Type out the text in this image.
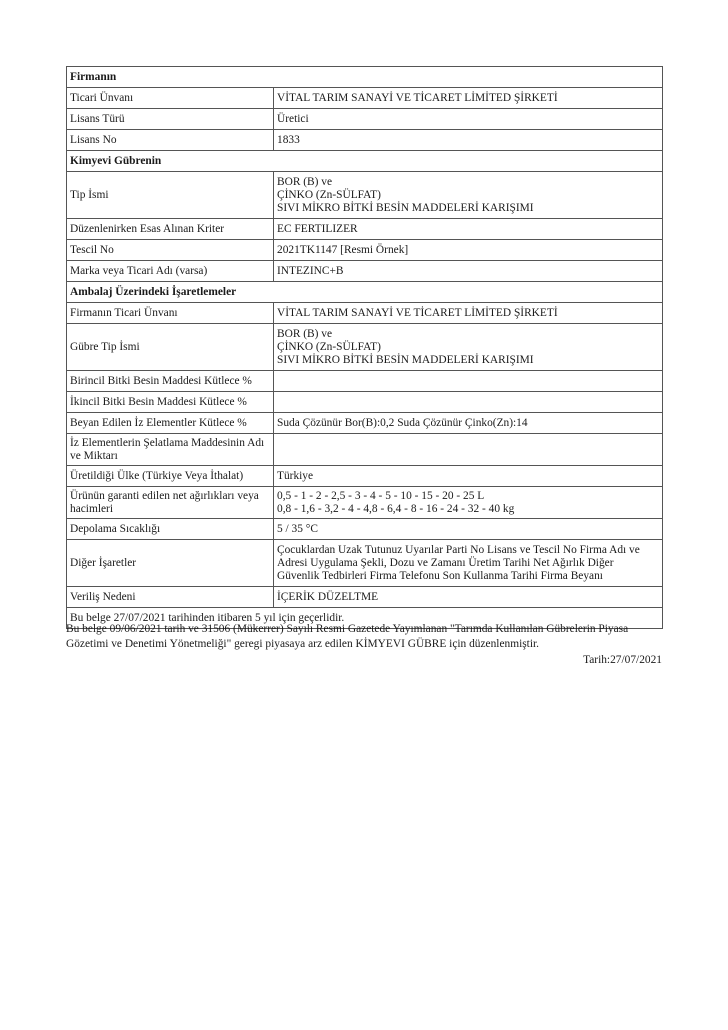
Firmanın	
Ticari Ünvanı	VİTAL TARIM SANAYİ VE TİCARET LİMİTED ŞİRKETİ
Lisans Türü	Üretici
Lisans No	1833
Kimyevi Gübrenin	
Tip İsmi	BOR (B) ve
ÇİNKO (Zn-SÜLFAT)
SIVI MİKRO BİTKİ BESİN MADDELERİ KARIŞIMI

Düzenlenirken Esas Alınan Kriter	EC FERTILIZER
Tescil No	2021TK1147 [Resmi Örnek]
Marka veya Ticari Adı (varsa)	INTEZINC+B
Ambalaj Üzerindeki İşaretlemeler	
Firmanın Ticari Ünvanı	VİTAL TARIM SANAYİ VE TİCARET LİMİTED ŞİRKETİ
Gübre Tip İsmi	BOR (B) ve
ÇİNKO (Zn-SÜLFAT)
SIVI MİKRO BİTKİ BESİN MADDELERİ KARIŞIMI

Birincil Bitki Besin Maddesi Kütlece %	
İkincil Bitki Besin Maddesi Kütlece %	
Beyan Edilen İz Elementler Kütlece %	Suda Çözünür Bor(B):0,2 Suda Çözünür Çinko(Zn):14
İz Elementlerin Şelatlama Maddesinin Adı ve Miktarı	
Üretildiği Ülke (Türkiye Veya İthalat)	Türkiye
Ürünün garanti edilen net ağırlıkları veya hacimleri	0,5 - 1 - 2 - 2,5 - 3 - 4 - 5 - 10 - 15 - 20 - 25 L
0,8 - 1,6 - 3,2 - 4 - 4,8 - 6,4 - 8 - 16 - 24 - 32 - 40 kg

Depolama Sıcaklığı	5 / 35 °C
Diğer İşaretler	Çocuklardan Uzak Tutunuz Uyarılar Parti No Lisans ve Tescil No Firma Adı ve
Adresi Uygulama Şekli, Dozu ve Zamanı Üretim Tarihi Net Ağırlık Diğer
Güvenlik Tedbirleri Firma Telefonu Son Kullanma Tarihi Firma Beyanı

Veriliş Nedeni	İÇERİK DÜZELTME
Bu belge 27/07/2021 tarihinden itibaren 5 yıl için geçerlidir.	
Bu belge 09/06/2021 tarih ve 31506 (Mükerrer) Sayılı Resmi Gazetede Yayımlanan "Tarımda Kullanılan Gübrelerin Piyasa Gözetimi ve Denetimi Yönetmeliği" geregi piyasaya arz edilen KİMYEVI GÜBRE için düzenlenmiştir.
Tarih:27/07/2021
